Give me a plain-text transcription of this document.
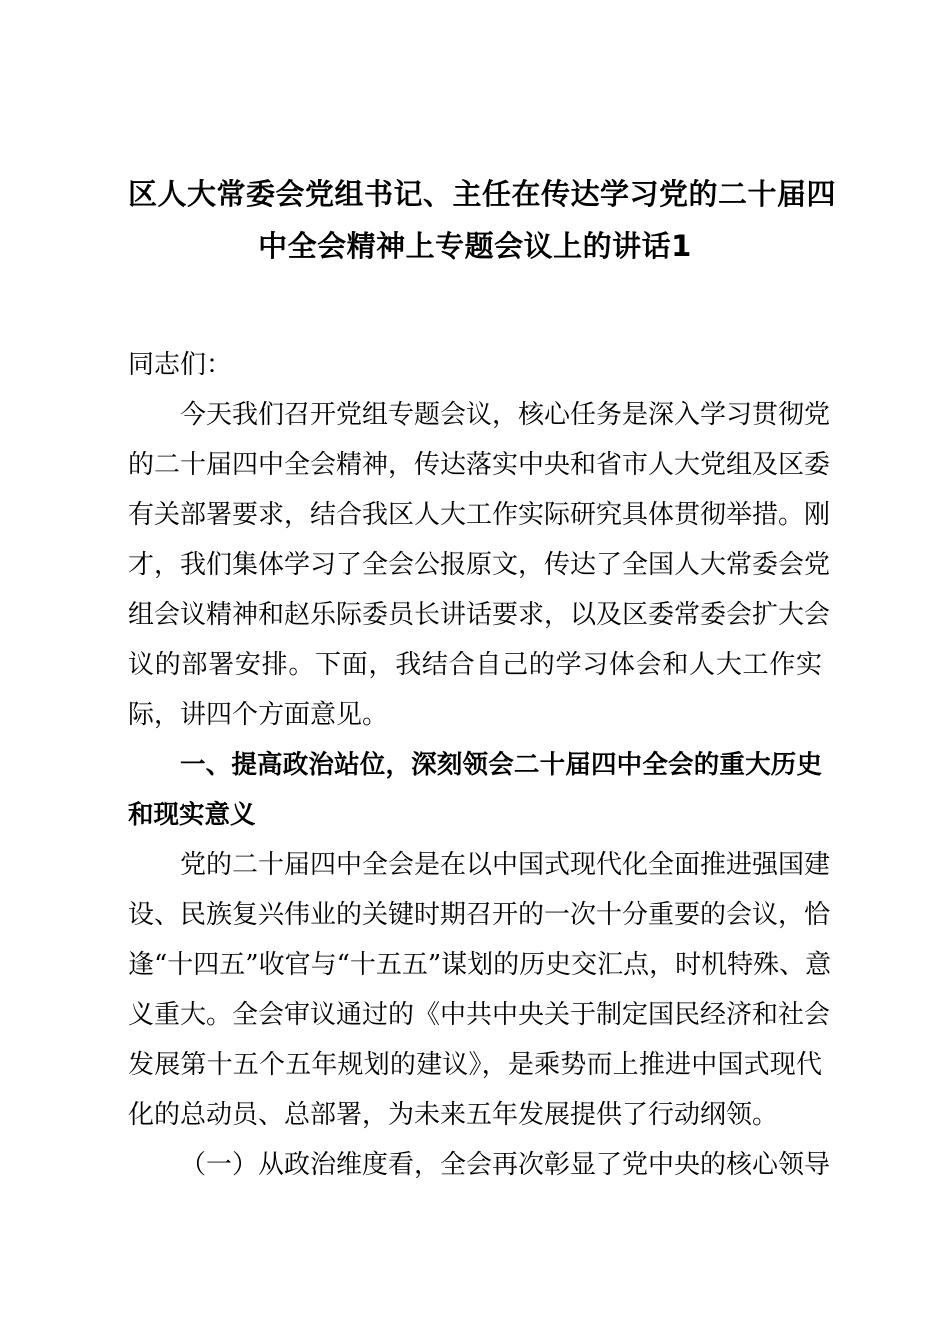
区人大常委会党组书记、主任在传达学习党的二十届四
中全会精神上专题会议上的讲话1
同志们：
今天我们召开党组专题会议，核心任务是深入学习贯彻党
的二十届四中全会精神，传达落实中央和省市人大党组及区委
有关部署要求，结合我区人大工作实际研究具体贯彻举措。刚
才，我们集体学习了全会公报原文，传达了全国人大常委会党
组会议精神和赵乐际委员长讲话要求，以及区委常委会扩大会
议的部署安排。下面，我结合自己的学习体会和人大工作实
际，讲四个方面意见。
一、提高政治站位，深刻领会二十届四中全会的重大历史
和现实意义
党的二十届四中全会是在以中国式现代化全面推进强国建
设、民族复兴伟业的关键时期召开的一次十分重要的会议，恰
逢“十四五”收官与“十五五”谋划的历史交汇点，时机特殊、意
义重大。全会审议通过的《中共中央关于制定国民经济和社会
发展第十五个五年规划的建议》，是乘势而上推进中国式现代
化的总动员、总部署，为未来五年发展提供了行动纲领。
（一）从政治维度看，全会再次彰显了党中央的核心领导
